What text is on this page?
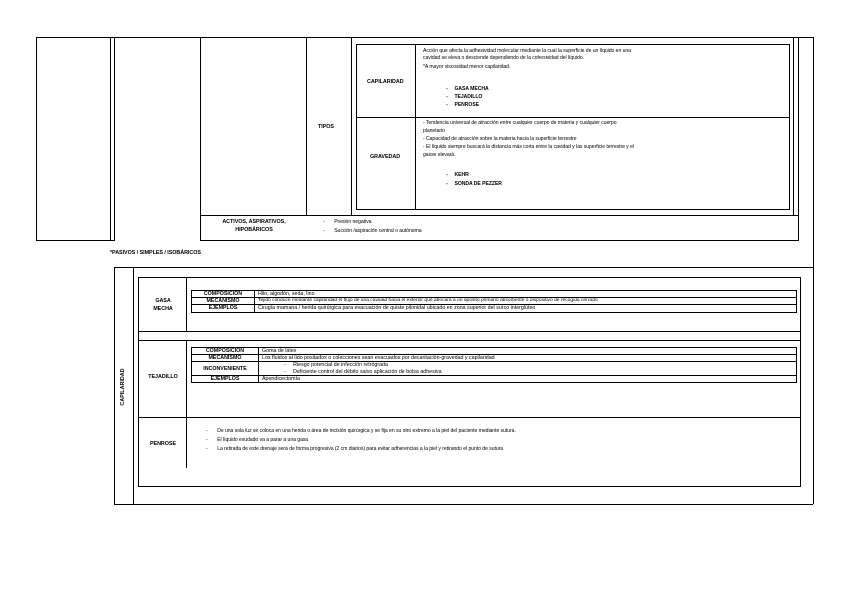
TIPOS
CAPILARIDAD
Acción que afecta la adhesividad molecular mediante la cual la superficie de un líquido en una
cavidad se eleva o desciende dependiendo de la cohesividad del líquido.
*A mayor viscosidad menor capilaridad.
-     GASA MECHA
-     TEJADILLO
-     PENROSE
GRAVEDAD
- Tendencia universal de atracción entre cualquier cuerpo de materia y cualquier cuerpo
planetario
- Capacidad de atracción sobre la materia hacia la superficie terrestre
- El líquido siempre buscará la distancia más corta entre la cavidad y las superficie terrestre y el
gasse elevará.
-     KEHR
-     SONDA DE PEZZER
ACTIVOS, ASPIRATIVOS,
HIPOBÁRICOS
-       Presión negativa
-       Succión /aspiración central o autónoma
*PASIVOS / SIMPLES / ISOBÁRICOS
CAPILARIDAD
GASA
MECHA
COMPOSICIÓN	Hilo, algodón, seda, lino
MECANISMO	Tejido conduce mediante capilaridad el flujo de una cavidad hacia el exterior que abocará a un apósito primario absorbente o dispositivo de recogida cerrado
EJEMPLOS	Cirugía mamaria / herida quirúrgica para evacuación de quiste pilonidal ubicado en zona superior del surco interglúteo
TEJADILLO
COMPOSICIÓN	Goma de látex
MECANISMO	Los fluidos al lido positados o colecciones sean evacuados por decantación-gravedad y capilaridad
INCONVENIENTE	-     Riesgo potencial de infección retrógrada
-     Deficiente control del débito salvo aplicación de bolsa adhesiva

EJEMPLOS	Apendicectomía
PENROSE
-       De una sola luz se coloca en una herida o área de incisión quirúrgica y se fija en su otro extremo a la piel del paciente mediante sutura.
-       El líquido exudado va a parar a una gasa
-       La retirada de este drenaje será de forma progresiva (2 cm diarios) para evitar adherencias a la piel y retirando el punto de sutura
